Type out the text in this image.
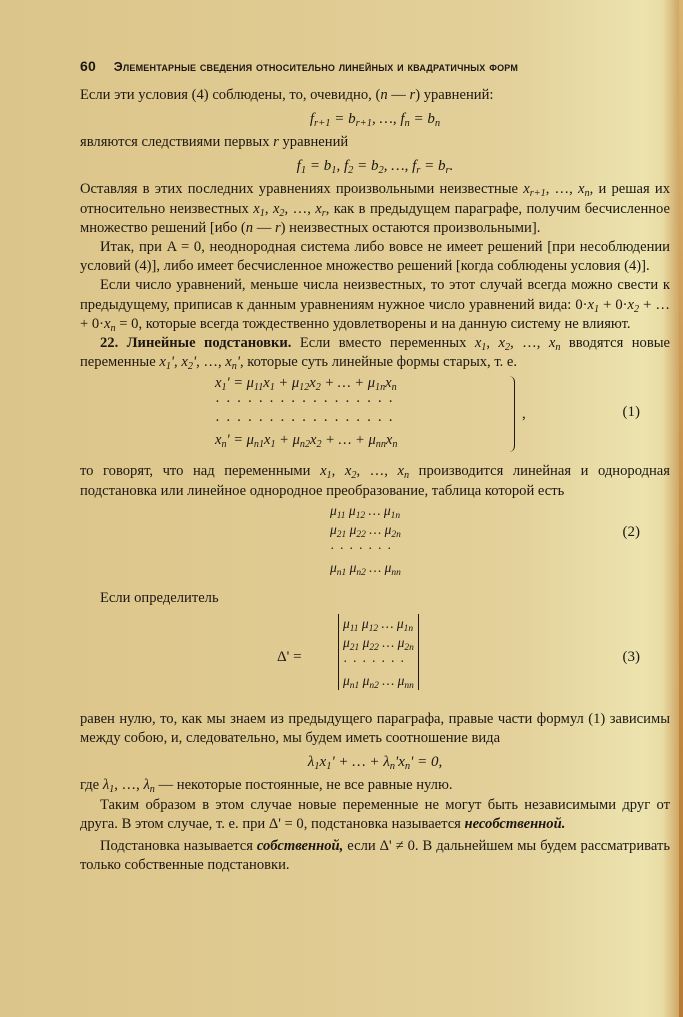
60 Элементарные сведения относительно линейных и квадратичных форм

Если эти условия (4) соблюдены, то, очевидно, (n — r) уравнений:

$f_{r+1} = b_{r+1}$, …, $f_n = b_n$

являются следствиями первых r уравнений

$f_1 = b_1$, $f_2 = b_2$, …, $f_r = b_r$.

Оставляя в этих последних уравнениях произвольными неизвестные $x_{r+1}$, …, $x_n$, и решая их относительно неизвестных $x_1$, $x_2$, …, $x_r$, как в предыдущем параграфе, получим бесчисленное множество решений [ибо (n — r) неизвестных остаются произвольными].

Итак, при A = 0, неоднородная система либо вовсе не имеет решений [при несоблюдении условий (4)], либо имеет бесчисленное множество решений [когда соблюдены условия (4)].

Если число уравнений, меньше числа неизвестных, то этот случай всегда можно свести к предыдущему, приписав к данным уравнениям нужное число уравнений вида: $0\cdot x_1 + 0\cdot x_2$ + … + $0\cdot x_n = 0$, которые всегда тождественно удовлетворены и на данную систему не влияют.

22. Линейные подстановки. Если вместо переменных $x_1$, $x_2$, …, $x_n$ вводятся новые переменные $x_1'$, $x_2'$, …, $x_n'$, которые суть линейные формы старых, т. е.

$x_1' = \mu_{11}x_1 + \mu_{12}x_2$ + … + $\mu_{1n}x_n$
·················
·················
$x_n' = \mu_{n1}x_1 + \mu_{n2}x_2$ + … + $\mu_{nn}x_n$
,	(1)

то говорят, что над переменными $x_1$, $x_2$, …, $x_n$ производится линейная и однородная подстановка или линейное однородное преобразование, таблица которой есть

$\mu_{11}$ $\mu_{12}$ … $\mu_{1n}$
$\mu_{21}$ $\mu_{22}$ … $\mu_{2n}$
·······
$\mu_{n1}$ $\mu_{n2}$ … $\mu_{nn}$
(2)

Если определитель

Δ' =
$\mu_{11}$ $\mu_{12}$ … $\mu_{1n}$
$\mu_{21}$ $\mu_{22}$ … $\mu_{2n}$
·······
$\mu_{n1}$ $\mu_{n2}$ … $\mu_{nn}$
(3)

равен нулю, то, как мы знаем из предыдущего параграфа, правые части формул (1) зависимы между собою, и, следовательно, мы будем иметь соотношение вида

$\lambda_1x_1'$ + … + $\lambda_n'x_n' = 0$,

где $\lambda_1$, …, $\lambda_n$ — некоторые постоянные, не все равные нулю.

Таким образом в этом случае новые переменные не могут быть независимыми друг от друга. В этом случае, т. е. при Δ' = 0, подстановка называется несобственной.

Подстановка называется собственной, если Δ' ≠ 0. В дальнейшем мы будем рассматривать только собственные подстановки.
